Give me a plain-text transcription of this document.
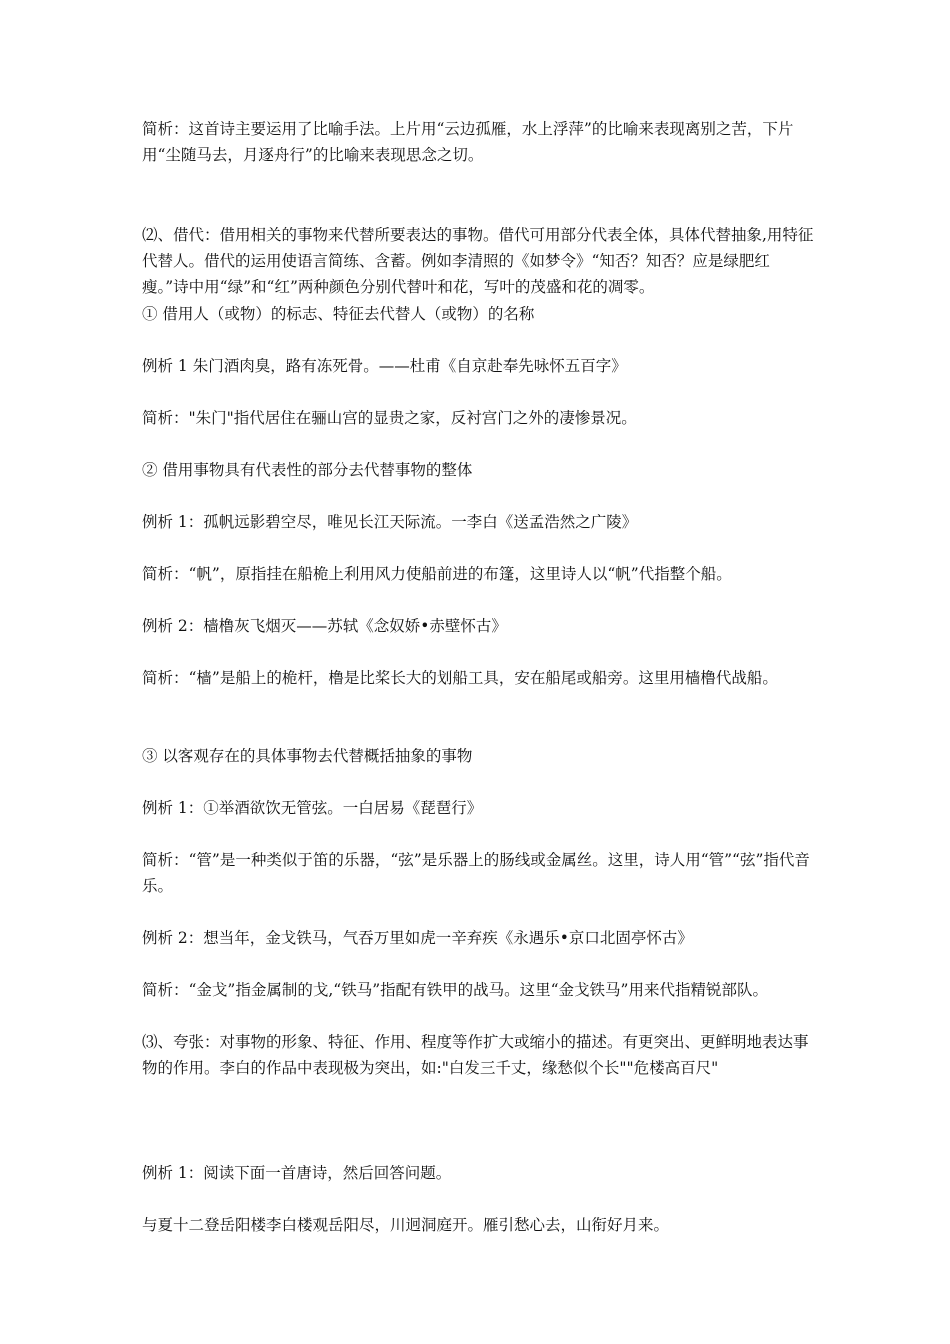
简析：这首诗主要运用了比喻手法。上片用“云边孤雁，水上浮萍”的比喻来表现离别之苦，下片用“尘随马去，月逐舟行”的比喻来表现思念之切。

⑵、借代：借用相关的事物来代替所要表达的事物。借代可用部分代表全体，具体代替抽象,用特征代替人。借代的运用使语言简练、含蓄。例如李清照的《如梦令》“知否？知否？应是绿肥红瘦。”诗中用“绿”和“红”两种颜色分别代替叶和花，写叶的茂盛和花的凋零。

① 借用人（或物）的标志、特征去代替人（或物）的名称

例析 1 朱门酒肉臭，路有冻死骨。——杜甫《自京赴奉先咏怀五百字》

简析："朱门"指代居住在骊山宫的显贵之家，反衬宫门之外的凄惨景况。

② 借用事物具有代表性的部分去代替事物的整体

例析 1：孤帆远影碧空尽，唯见长江天际流。一李白《送孟浩然之广陵》

简析：“帆”，原指挂在船桅上利用风力使船前进的布篷，这里诗人以“帆”代指整个船。

例析 2：樯橹灰飞烟灭——苏轼《念奴娇•赤壁怀古》

简析：“樯”是船上的桅杆，橹是比桨长大的划船工具，安在船尾或船旁。这里用樯橹代战船。

③ 以客观存在的具体事物去代替概括抽象的事物

例析 1：①举酒欲饮无管弦。一白居易《琵琶行》

简析：“管”是一种类似于笛的乐器，“弦”是乐器上的肠线或金属丝。这里，诗人用“管”“弦”指代音乐。

例析 2：想当年，金戈铁马，气吞万里如虎一辛弃疾《永遇乐•京口北固亭怀古》

简析：“金戈”指金属制的戈,“铁马”指配有铁甲的战马。这里“金戈铁马”用来代指精锐部队。

⑶、夸张：对事物的形象、特征、作用、程度等作扩大或缩小的描述。有更突出、更鲜明地表达事物的作用。李白的作品中表现极为突出，如:"白发三千丈，缘愁似个长""危楼高百尺"

例析 1：阅读下面一首唐诗，然后回答问题。

与夏十二登岳阳楼李白楼观岳阳尽，川迥洞庭开。雁引愁心去，山衔好月来。
